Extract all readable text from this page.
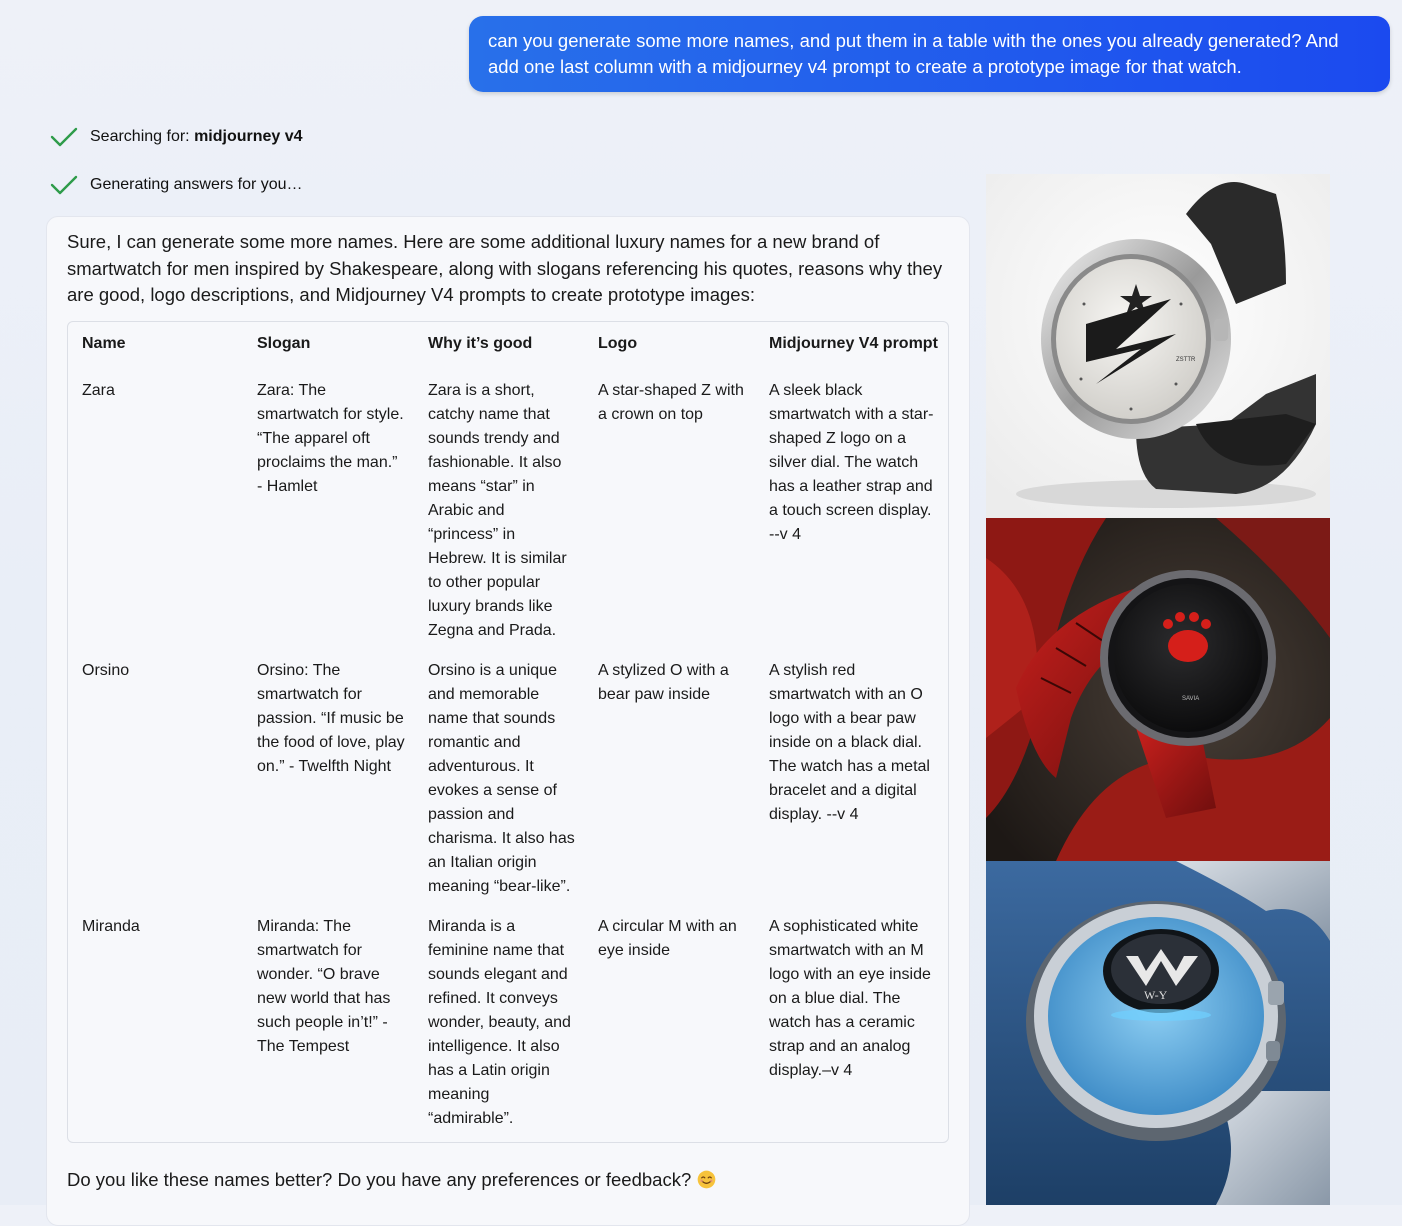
can you generate some more names, and put them in a table with the ones you already generated? And add one last column with a midjourney v4 prompt to create a prototype image for that watch.
Searching for: midjourney v4
Generating answers for you…

Sure, I can generate some more names. Here are some additional luxury names for a new brand of smartwatch for men inspired by Shakespeare, along with slogans referencing his quotes, reasons why they are good, logo descriptions, and Midjourney V4 prompts to create prototype images:

Name	Slogan	Why it’s good	Logo	Midjourney V4 prompt
Zara	Zara: The smartwatch for style. “The apparel oft proclaims the man.” - Hamlet	Zara is a short, catchy name that sounds trendy and fashionable. It also means “star” in Arabic and “princess” in Hebrew. It is similar to other popular luxury brands like Zegna and Prada.	A star-shaped Z with a crown on top	A sleek black smartwatch with a star-shaped Z logo on a silver dial. The watch has a leather strap and a touch screen display. --v 4
Orsino	Orsino: The smartwatch for passion. “If music be the food of love, play on.” - Twelfth Night	Orsino is a unique and memorable name that sounds romantic and adventurous. It evokes a sense of passion and charisma. It also has an Italian origin meaning “bear-like”.	A stylized O with a bear paw inside	A stylish red smartwatch with an O logo with a bear paw inside on a black dial. The watch has a metal bracelet and a digital display. --v 4
Miranda	Miranda: The smartwatch for wonder. “O brave new world that has such people in’t!” - The Tempest	Miranda is a feminine name that sounds elegant and refined. It conveys wonder, beauty, and intelligence. It also has a Latin origin meaning “admirable”.	A circular M with an eye inside	A sophisticated white smartwatch with an M logo with an eye inside on a blue dial. The watch has a ceramic strap and an analog display.–v 4

Do you like these names better? Do you have any preferences or feedback?

ZSTTR
SAVIA
W-Y
